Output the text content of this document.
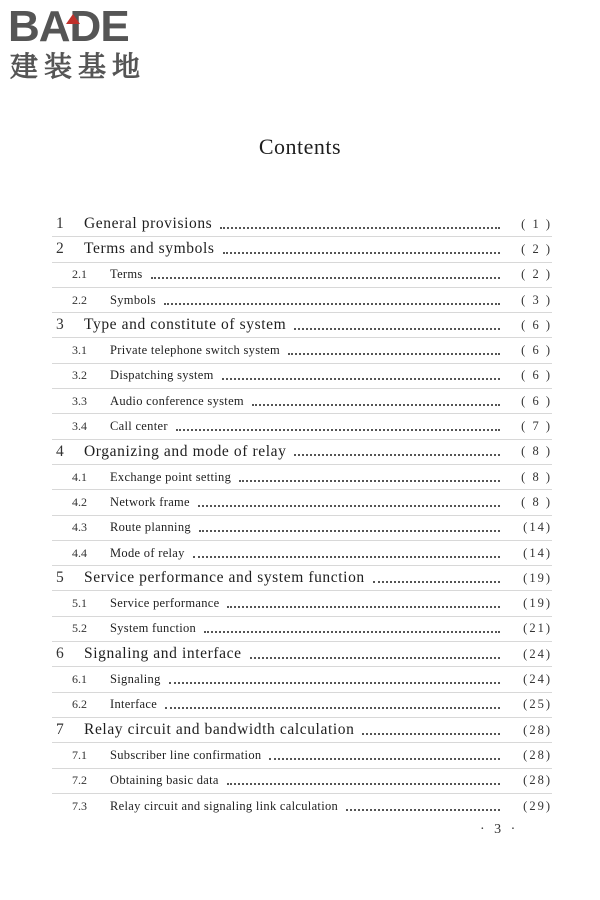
BADE
建装基地
Contents
1	General provisions	( 1 )
2	Terms and symbols	( 2 )
2.1	Terms	( 2 )
2.2	Symbols	( 3 )
3	Type and constitute of system	( 6 )
3.1	Private telephone switch system	( 6 )
3.2	Dispatching system	( 6 )
3.3	Audio conference system	( 6 )
3.4	Call center	( 7 )
4	Organizing and mode of relay	( 8 )
4.1	Exchange point setting	( 8 )
4.2	Network frame	( 8 )
4.3	Route planning	(14)
4.4	Mode of relay	(14)
5	Service performance and system function	(19)
5.1	Service performance	(19)
5.2	System function	(21)
6	Signaling and interface	(24)
6.1	Signaling	(24)
6.2	Interface	(25)
7	Relay circuit and bandwidth calculation	(28)
7.1	Subscriber line confirmation	(28)
7.2	Obtaining basic data	(28)
7.3	Relay circuit and signaling link calculation	(29)
· 3 ·
